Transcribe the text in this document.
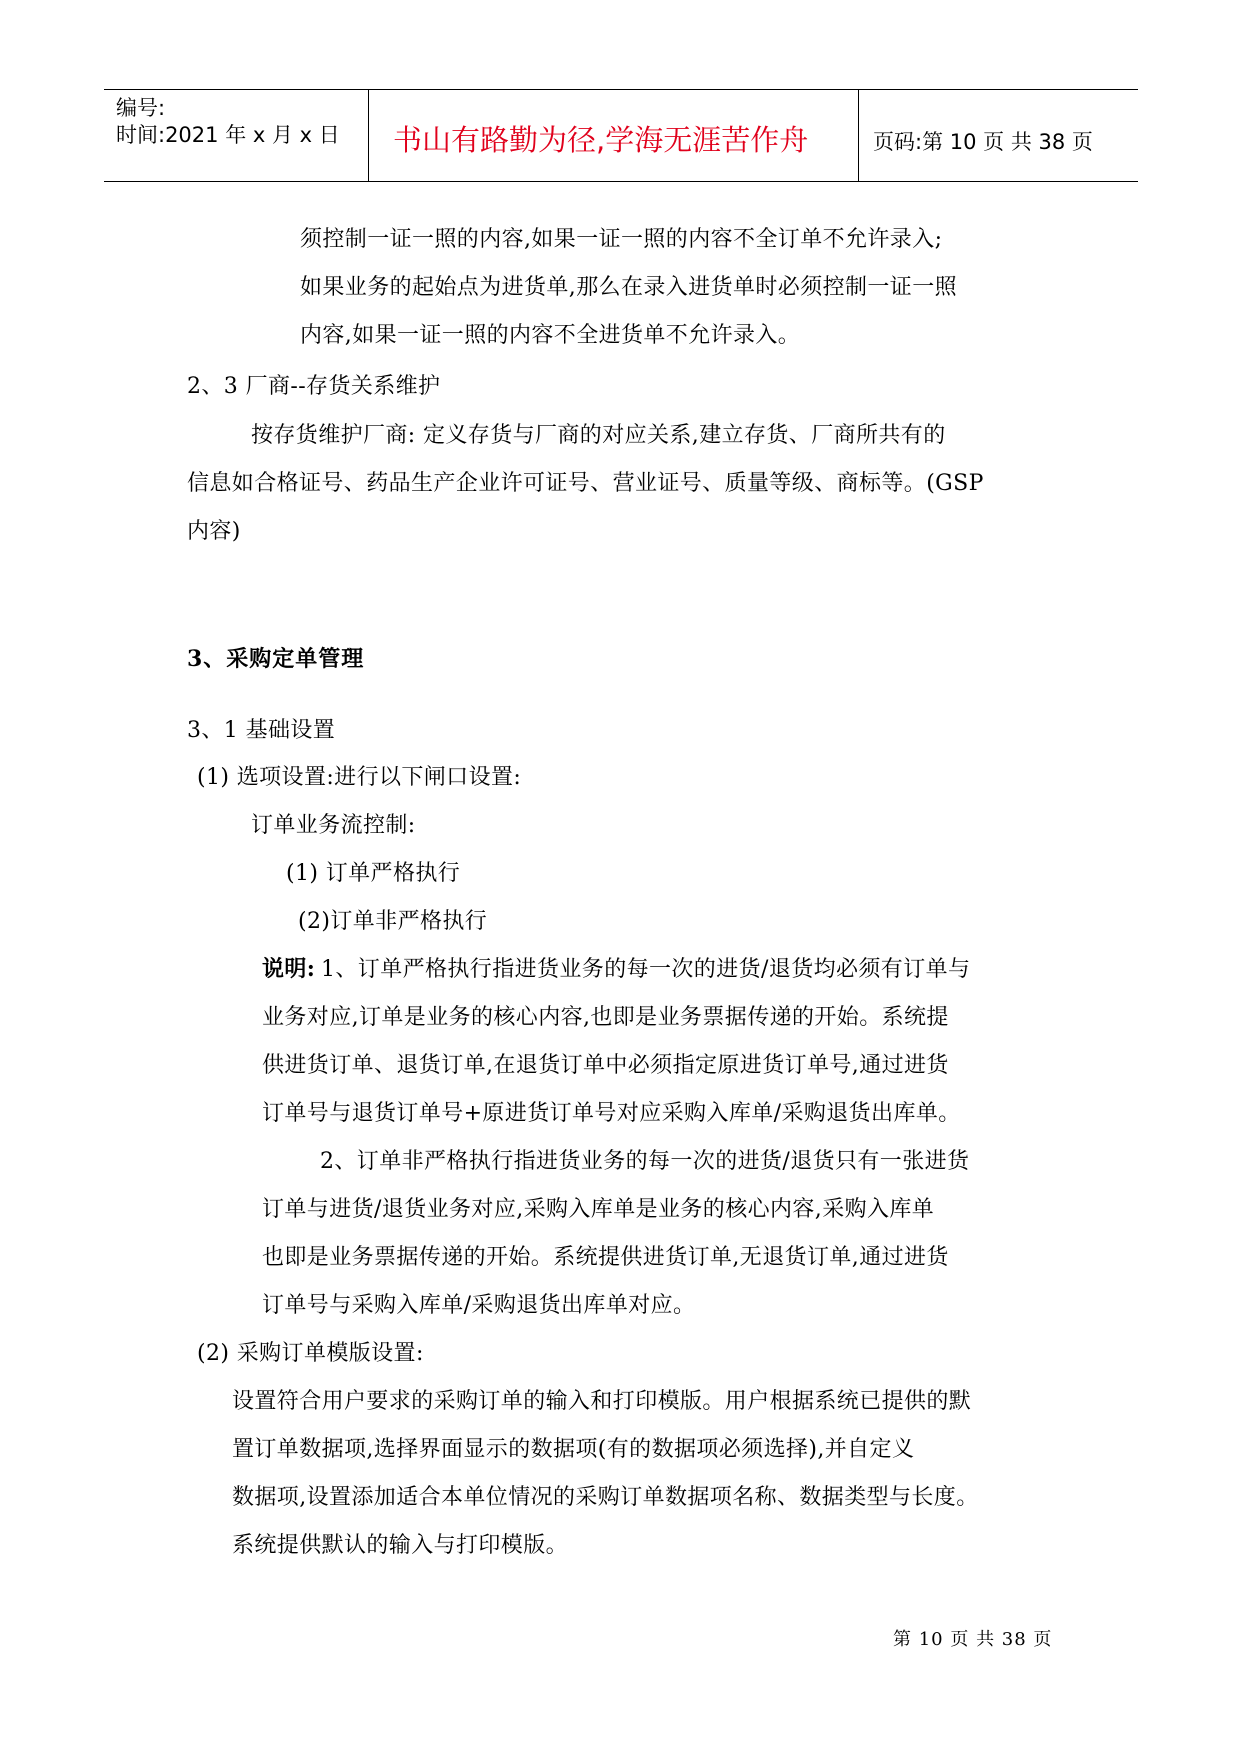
编号:
时间:2021 年 x 月 x 日 书山有路勤为径,学海无涯苦作舟	页码:第 10 页 共 38 页
须控制一证一照的内容,如果一证一照的内容不全订单不允许录入;
如果业务的起始点为进货单,那么在录入进货单时必须控制一证一照
内容,如果一证一照的内容不全进货单不允许录入。
2、3 厂商--存货关系维护
按存货维护厂商: 定义存货与厂商的对应关系,建立存货、厂商所共有的
信息如合格证号、药品生产企业许可证号、营业证号、质量等级、商标等。(GSP
内容)
3、采购定单管理
3、1 基础设置
(1) 选项设置:进行以下闸口设置:
订单业务流控制:
(1) 订单严格执行
(2)订单非严格执行
说明: 1、订单严格执行指进货业务的每一次的进货/退货均必须有订单与
业务对应,订单是业务的核心内容,也即是业务票据传递的开始。系统提
供进货订单、退货订单,在退货订单中必须指定原进货订单号,通过进货
订单号与退货订单号+原进货订单号对应采购入库单/采购退货出库单。
2、订单非严格执行指进货业务的每一次的进货/退货只有一张进货
订单与进货/退货业务对应,采购入库单是业务的核心内容,采购入库单
也即是业务票据传递的开始。系统提供进货订单,无退货订单,通过进货
订单号与采购入库单/采购退货出库单对应。
(2) 采购订单模版设置:
设置符合用户要求的采购订单的输入和打印模版。用户根据系统已提供的默
置订单数据项,选择界面显示的数据项(有的数据项必须选择),并自定义
数据项,设置添加适合本单位情况的采购订单数据项名称、数据类型与长度。
系统提供默认的输入与打印模版。
第 10 页 共 38 页
